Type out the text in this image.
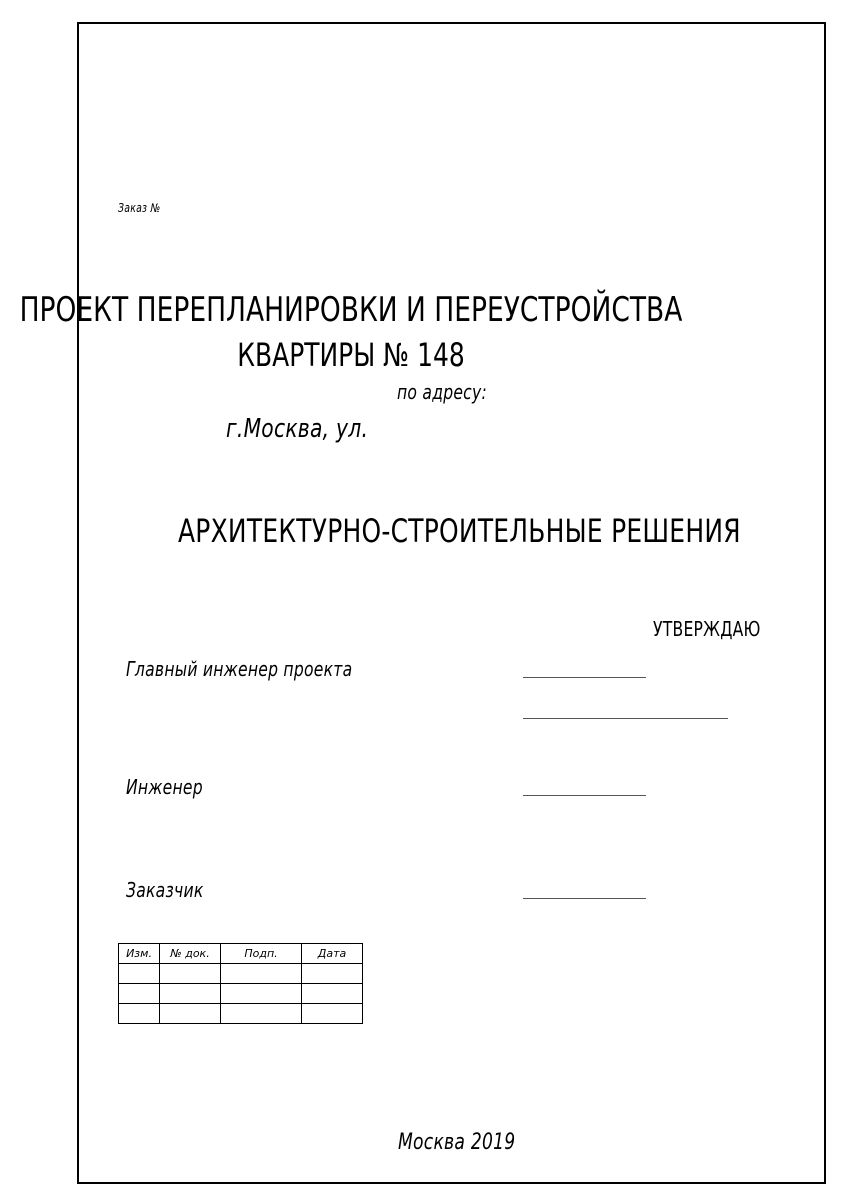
Заказ №
ПРОЕКТ ПЕРЕПЛАНИРОВКИ И ПЕРЕУСТРОЙСТВА
КВАРТИРЫ № 148
по адресу:
г.Москва, ул.
АРХИТЕКТУРНО-СТРОИТЕЛЬНЫЕ РЕШЕНИЯ
УТВЕРЖДАЮ
Главный инженер проекта
Инженер
Заказчик
Изм.	№ док.	Подп.	Дата

Москва 2019
